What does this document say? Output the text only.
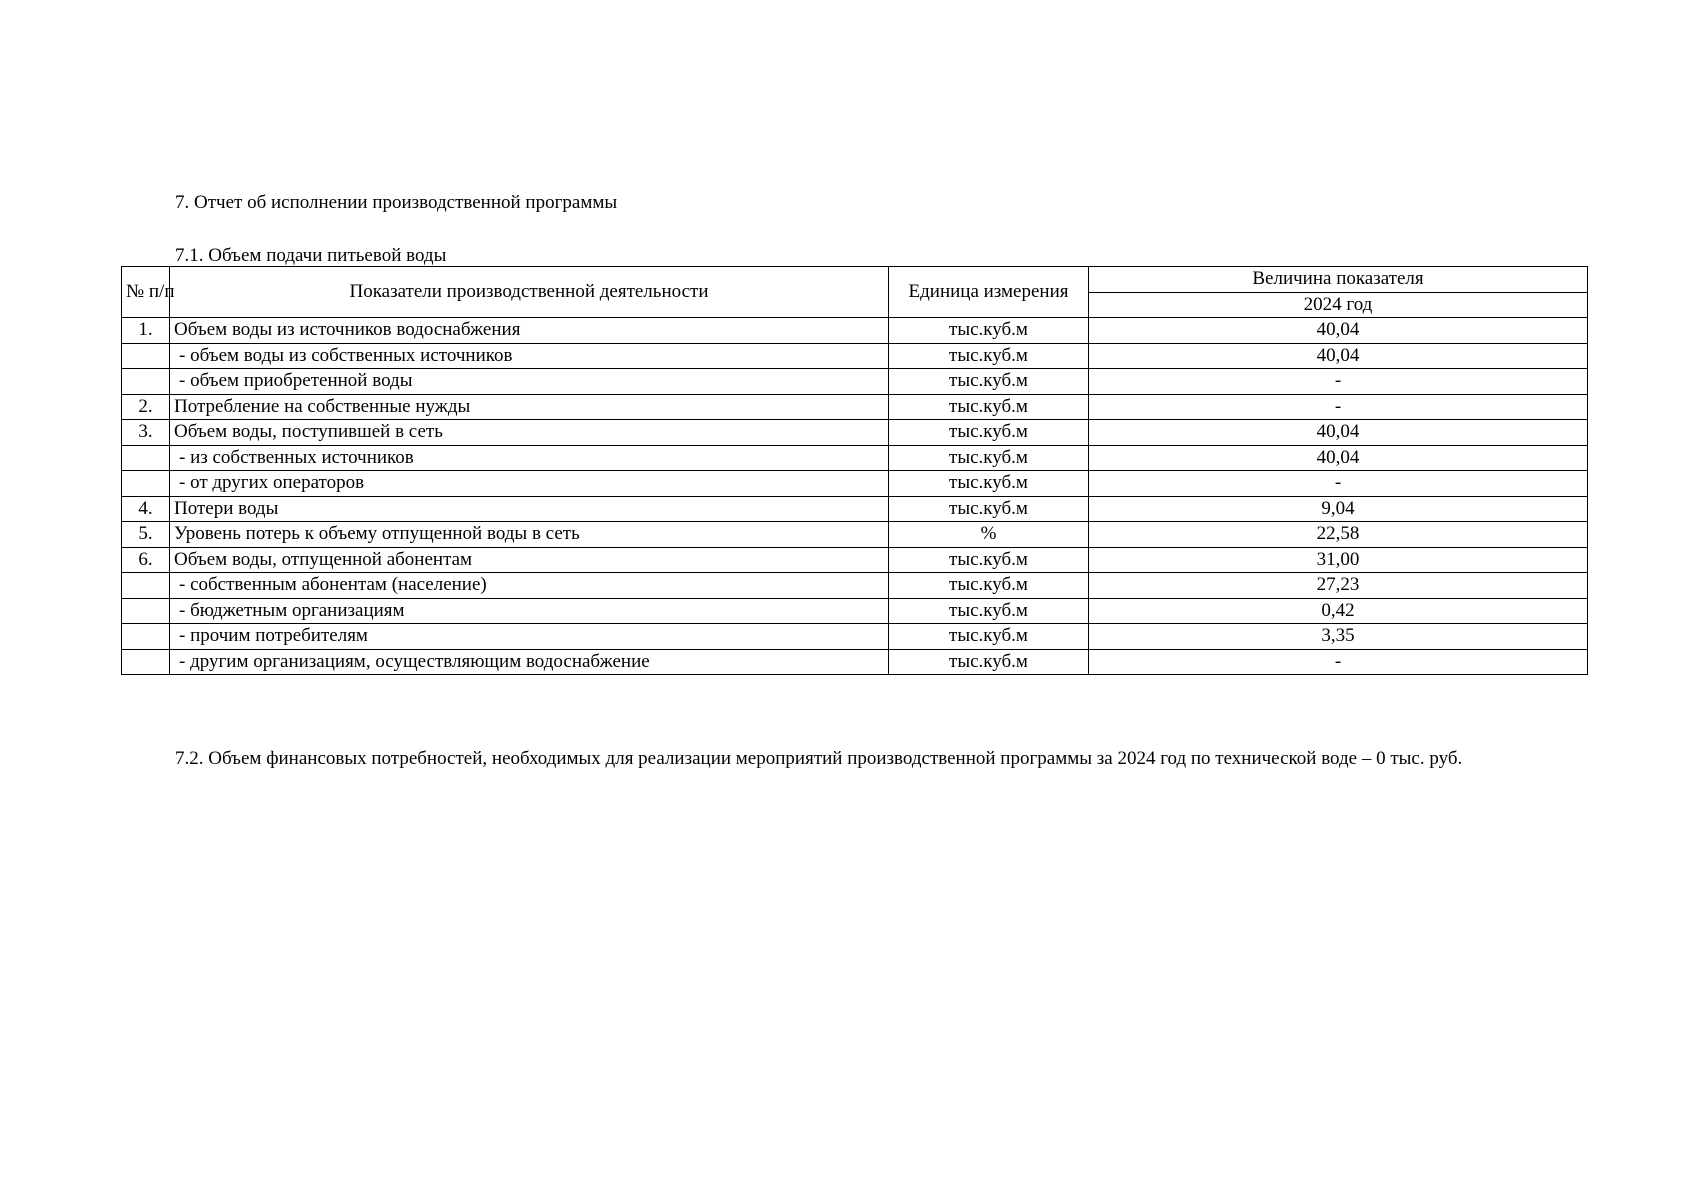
7. Отчет об исполнении производственной программы
7.1. Объем подачи питьевой воды
№ п/п	Показатели производственной деятельности	Единица измерения	Величина показателя
			2024 год
1.	Объем воды из источников водоснабжения	тыс.куб.м	40,04
	- объем воды из собственных источников	тыс.куб.м	40,04
	- объем приобретенной воды	тыс.куб.м	-
2.	Потребление на собственные нужды	тыс.куб.м	-
3.	Объем воды, поступившей в сеть	тыс.куб.м	40,04
	- из собственных источников	тыс.куб.м	40,04
	- от других операторов	тыс.куб.м	-
4.	Потери воды	тыс.куб.м	9,04
5.	Уровень потерь к объему отпущенной воды в сеть	%	22,58
6.	Объем воды, отпущенной абонентам	тыс.куб.м	31,00
	- собственным абонентам (население)	тыс.куб.м	27,23
	- бюджетным организациям	тыс.куб.м	0,42
	- прочим потребителям	тыс.куб.м	3,35
	- другим организациям, осуществляющим водоснабжение	тыс.куб.м	-
7.2. Объем финансовых потребностей, необходимых для реализации мероприятий производственной программы за 2024 год по технической воде – 0 тыс. руб.
